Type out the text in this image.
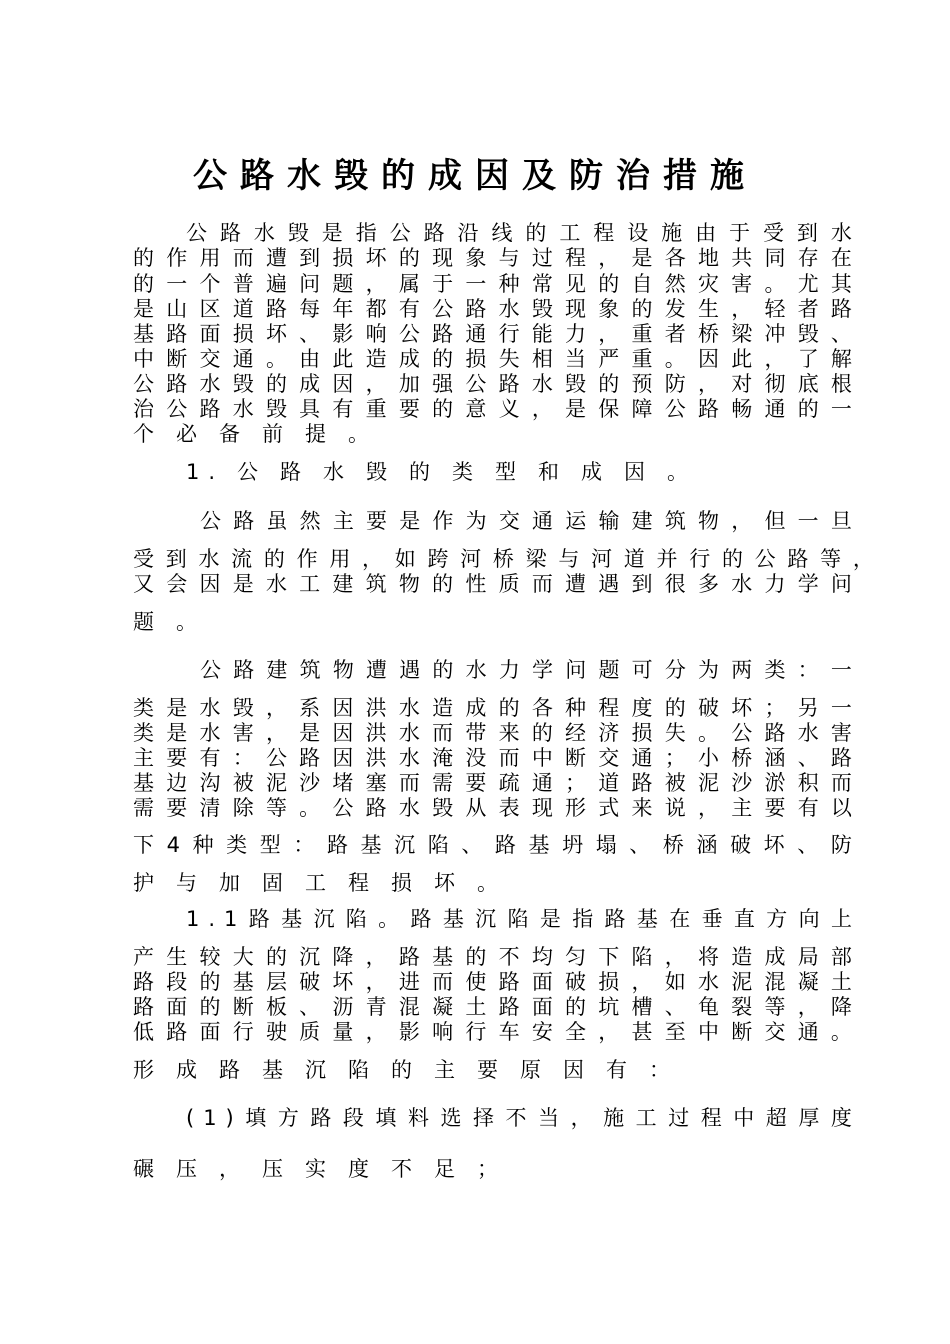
公路水毁的成因及防治措施
公 路 水 毁 是 指 公 路 沿 线 的 工 程 设 施 由 于 受 到 水
的 作 用 而 遭 到 损 坏 的 现 象 与 过 程 ， 是 各 地 共 同 存 在
的 一 个 普 遍 问 题 ， 属 于 一 种 常 见 的 自 然 灾 害 。 尤 其
是 山 区 道 路 每 年 都 有 公 路 水 毁 现 象 的 发 生 ， 轻 者 路
基 路 面 损 坏 、 影 响 公 路 通 行 能 力 ， 重 者 桥 梁 冲 毁 、
中 断 交 通 。 由 此 造 成 的 损 失 相 当 严 重 。 因 此 ， 了 解
公 路 水 毁 的 成 因 ， 加 强 公 路 水 毁 的 预 防 ， 对 彻 底 根
治 公 路 水 毁 具 有 重 要 的 意 义 ， 是 保 障 公 路 畅 通 的 一
个 必 备 前 提 。
1. 公 路 水 毁 的 类 型 和 成 因 。
公 路 虽 然 主 要 是 作 为 交 通 运 输 建 筑 物 ， 但 一 旦
受 到 水 流 的 作 用 ， 如 跨 河 桥 梁 与 河 道 并 行 的 公 路 等 ，
又 会 因 是 水 工 建 筑 物 的 性 质 而 遭 遇 到 很 多 水 力 学 问
题 。
公 路 建 筑 物 遭 遇 的 水 力 学 问 题 可 分 为 两 类 ： 一
类 是 水 毁 ， 系 因 洪 水 造 成 的 各 种 程 度 的 破 坏 ； 另 一
类 是 水 害 ， 是 因 洪 水 而 带 来 的 经 济 损 失 。 公 路 水 害
主 要 有 ： 公 路 因 洪 水 淹 没 而 中 断 交 通 ； 小 桥 涵 、 路
基 边 沟 被 泥 沙 堵 塞 而 需 要 疏 通 ； 道 路 被 泥 沙 淤 积 而
需 要 清 除 等 。 公 路 水 毁 从 表 现 形 式 来 说 ， 主 要 有 以
下 4 种 类 型 ： 路 基 沉 陷 、 路 基 坍 塌 、 桥 涵 破 坏 、 防
护 与 加 固 工 程 损 坏 。
1.1 路 基 沉 陷 。 路 基 沉 陷 是 指 路 基 在 垂 直 方 向 上
产 生 较 大 的 沉 降 ， 路 基 的 不 均 匀 下 陷 ， 将 造 成 局 部
路 段 的 基 层 破 坏 ， 进 而 使 路 面 破 损 ， 如 水 泥 混 凝 土
路 面 的 断 板 、 沥 青 混 凝 土 路 面 的 坑 槽 、 龟 裂 等 ， 降
低 路 面 行 驶 质 量 ， 影 响 行 车 安 全 ， 甚 至 中 断 交 通 。
形 成 路 基 沉 陷 的 主 要 原 因 有 ：
(1) 填 方 路 段 填 料 选 择 不 当 ， 施 工 过 程 中 超 厚 度
碾 压 ， 压 实 度 不 足 ；
